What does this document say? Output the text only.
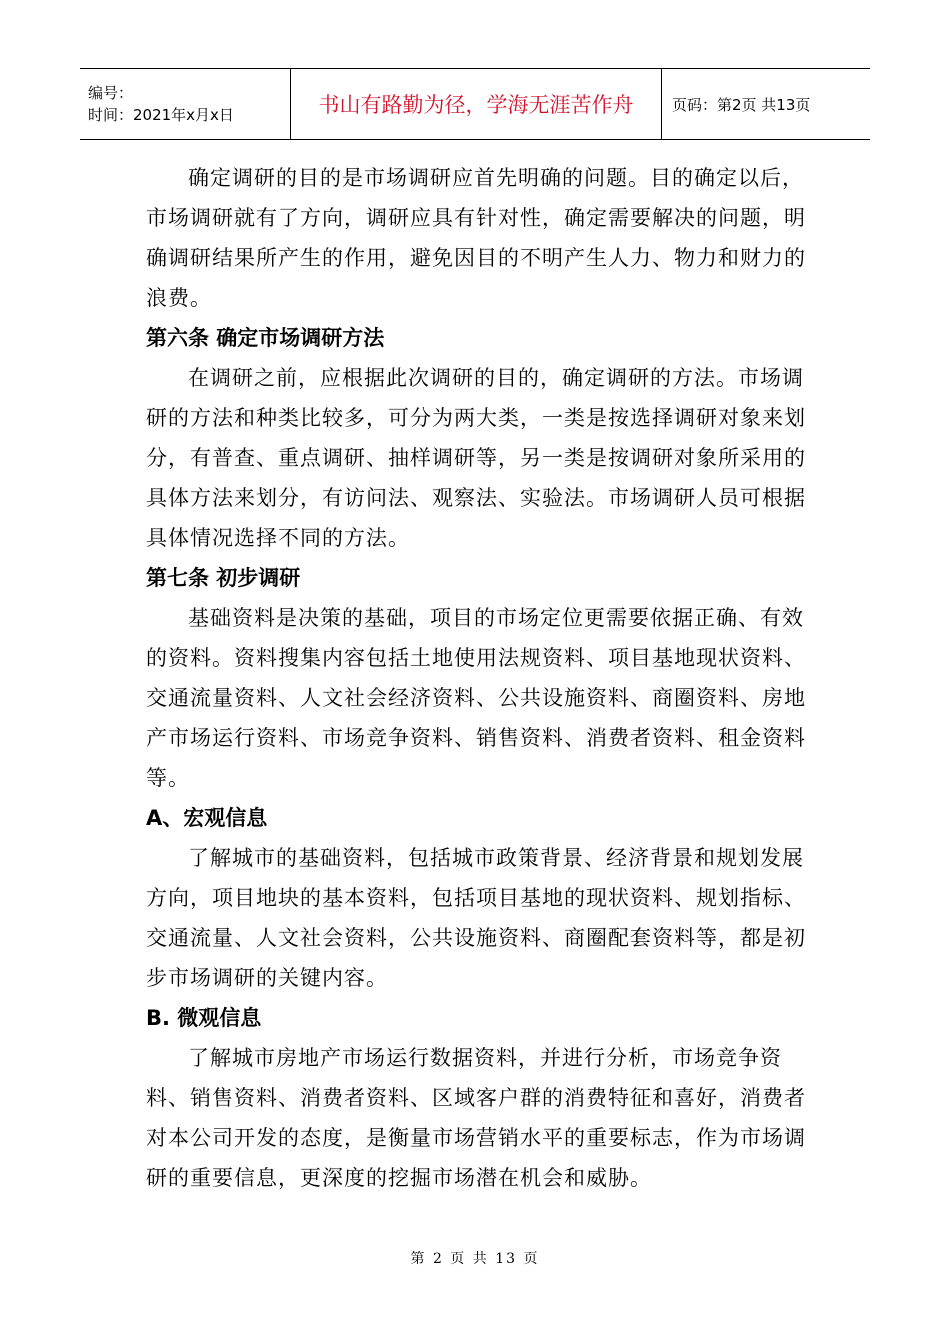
编号：
时间：2021年x月x日	书山有路勤为径，学海无涯苦作舟	页码：第2页 共13页

确定调研的目的是市场调研应首先明确的问题。目的确定以后，市场调研就有了方向，调研应具有针对性，确定需要解决的问题，明确调研结果所产生的作用，避免因目的不明产生人力、物力和财力的浪费。

第六条 确定市场调研方法

在调研之前，应根据此次调研的目的，确定调研的方法。市场调研的方法和种类比较多，可分为两大类，一类是按选择调研对象来划分，有普查、重点调研、抽样调研等，另一类是按调研对象所采用的具体方法来划分，有访问法、观察法、实验法。市场调研人员可根据具体情况选择不同的方法。

第七条 初步调研

基础资料是决策的基础，项目的市场定位更需要依据正确、有效的资料。资料搜集内容包括土地使用法规资料、项目基地现状资料、交通流量资料、人文社会经济资料、公共设施资料、商圈资料、房地产市场运行资料、市场竞争资料、销售资料、消费者资料、租金资料等。

A、宏观信息

了解城市的基础资料，包括城市政策背景、经济背景和规划发展方向，项目地块的基本资料，包括项目基地的现状资料、规划指标、交通流量、人文社会资料，公共设施资料、商圈配套资料等，都是初步市场调研的关键内容。

B. 微观信息

了解城市房地产市场运行数据资料，并进行分析，市场竞争资料、销售资料、消费者资料、区域客户群的消费特征和喜好，消费者对本公司开发的态度，是衡量市场营销水平的重要标志，作为市场调研的重要信息，更深度的挖掘市场潜在机会和威胁。

第 2 页 共 13 页
